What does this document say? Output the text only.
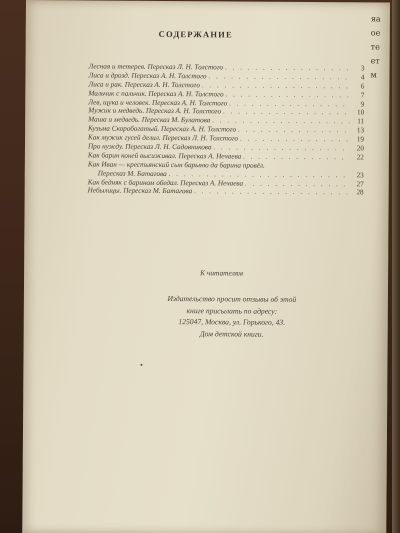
СОДЕРЖАНИЕ
Лесная и тетерев. Пересказ Л. Н. Толстого . . .	3
Лиса и дрозд. Пересказ А. Н. Толстого . . .	4
Лиса и рак. Пересказ А. Н. Толстого . . .	6
Мальчик с пальчик. Пересказ А. Н. Толстого . . .	7
Лев, щука и человек. Пересказ А. Н. Толстого . . .	9
Мужик и медведь. Пересказ А. Н. Толстого . . .	10
Маша и медведь. Пересказ М. Булатова . . .	11
Кузьма Скоробогатый. Пересказ А. Н. Толстого . . .	13
Как мужик гусей делил. Пересказ Л. Н. Толстого . . .	19
Про нужду. Пересказ Л. Н. Садовникова . . .	20
Как барин коней высиживал. Пересказ А. Нечаева . . .	22
Как Иван — крестьянский сын барыню да барина провёл.
Пересказ М. Батагова . . .	23
Как бедняк с барином обедал. Пересказ А. Нечаева . . .	27
Небылицы. Пересказ М. Батагова . . .	28
К читателям
Издательство просит отзывы об этой
книге присылать по адресу:
125047, Москва, ул. Горького, 43.
Дом детской книги.
яаоетеетм
